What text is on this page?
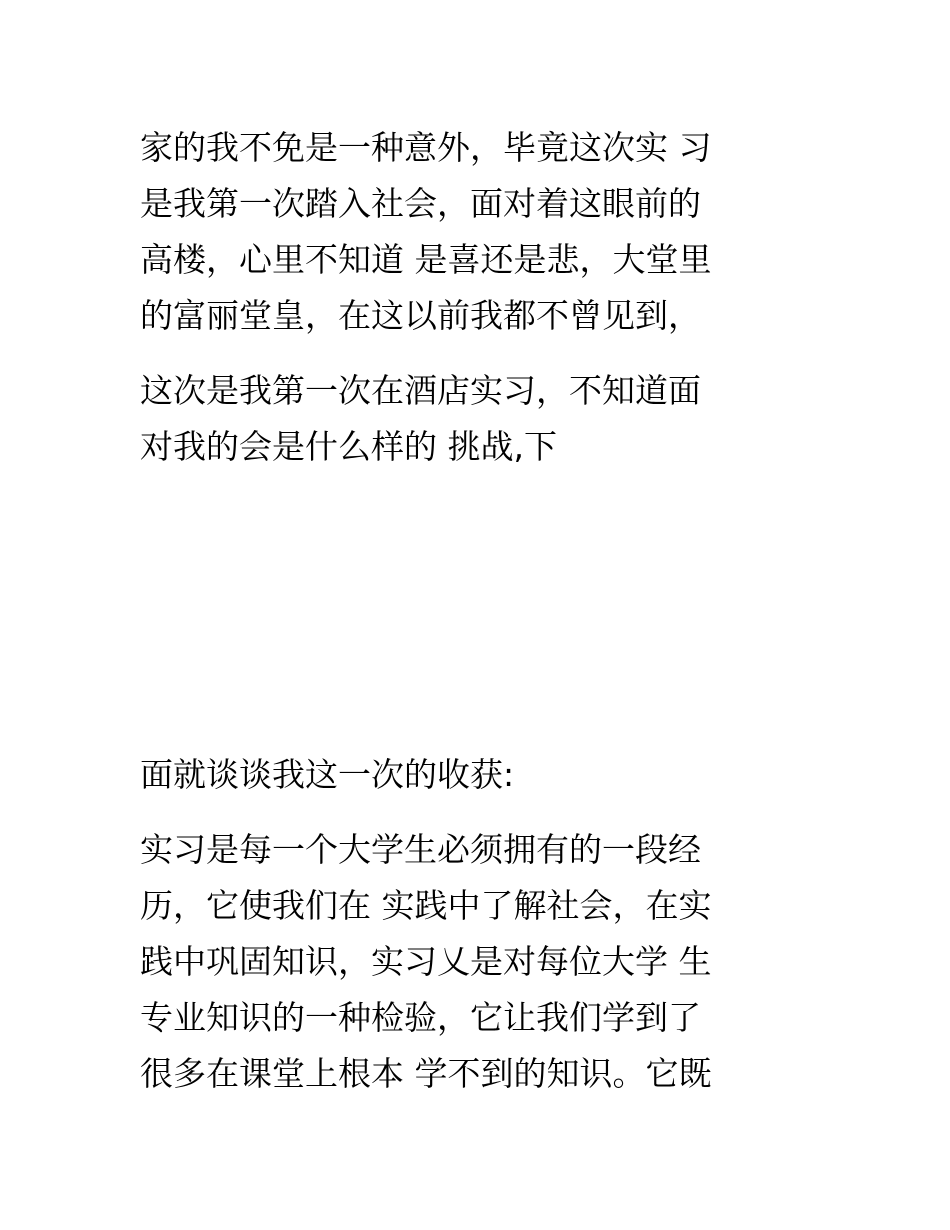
家的我不免是一种意外，毕竟这次实 习
是我第一次踏入社会，面对着这眼前的
高楼，心里不知道 是喜还是悲，大堂里
的富丽堂皇，在这以前我都不曾见到，
这次是我第一次在酒店实习，不知道面
对我的会是什么样的 挑战,下
面就谈谈我这一次的收获:
实习是每一个大学生必须拥有的一段经
历，它使我们在 实践中了解社会，在实
践中巩固知识，实习乂是对每位大学 生
专业知识的一种检验，它让我们学到了
很多在课堂上根本 学不到的知识。它既
